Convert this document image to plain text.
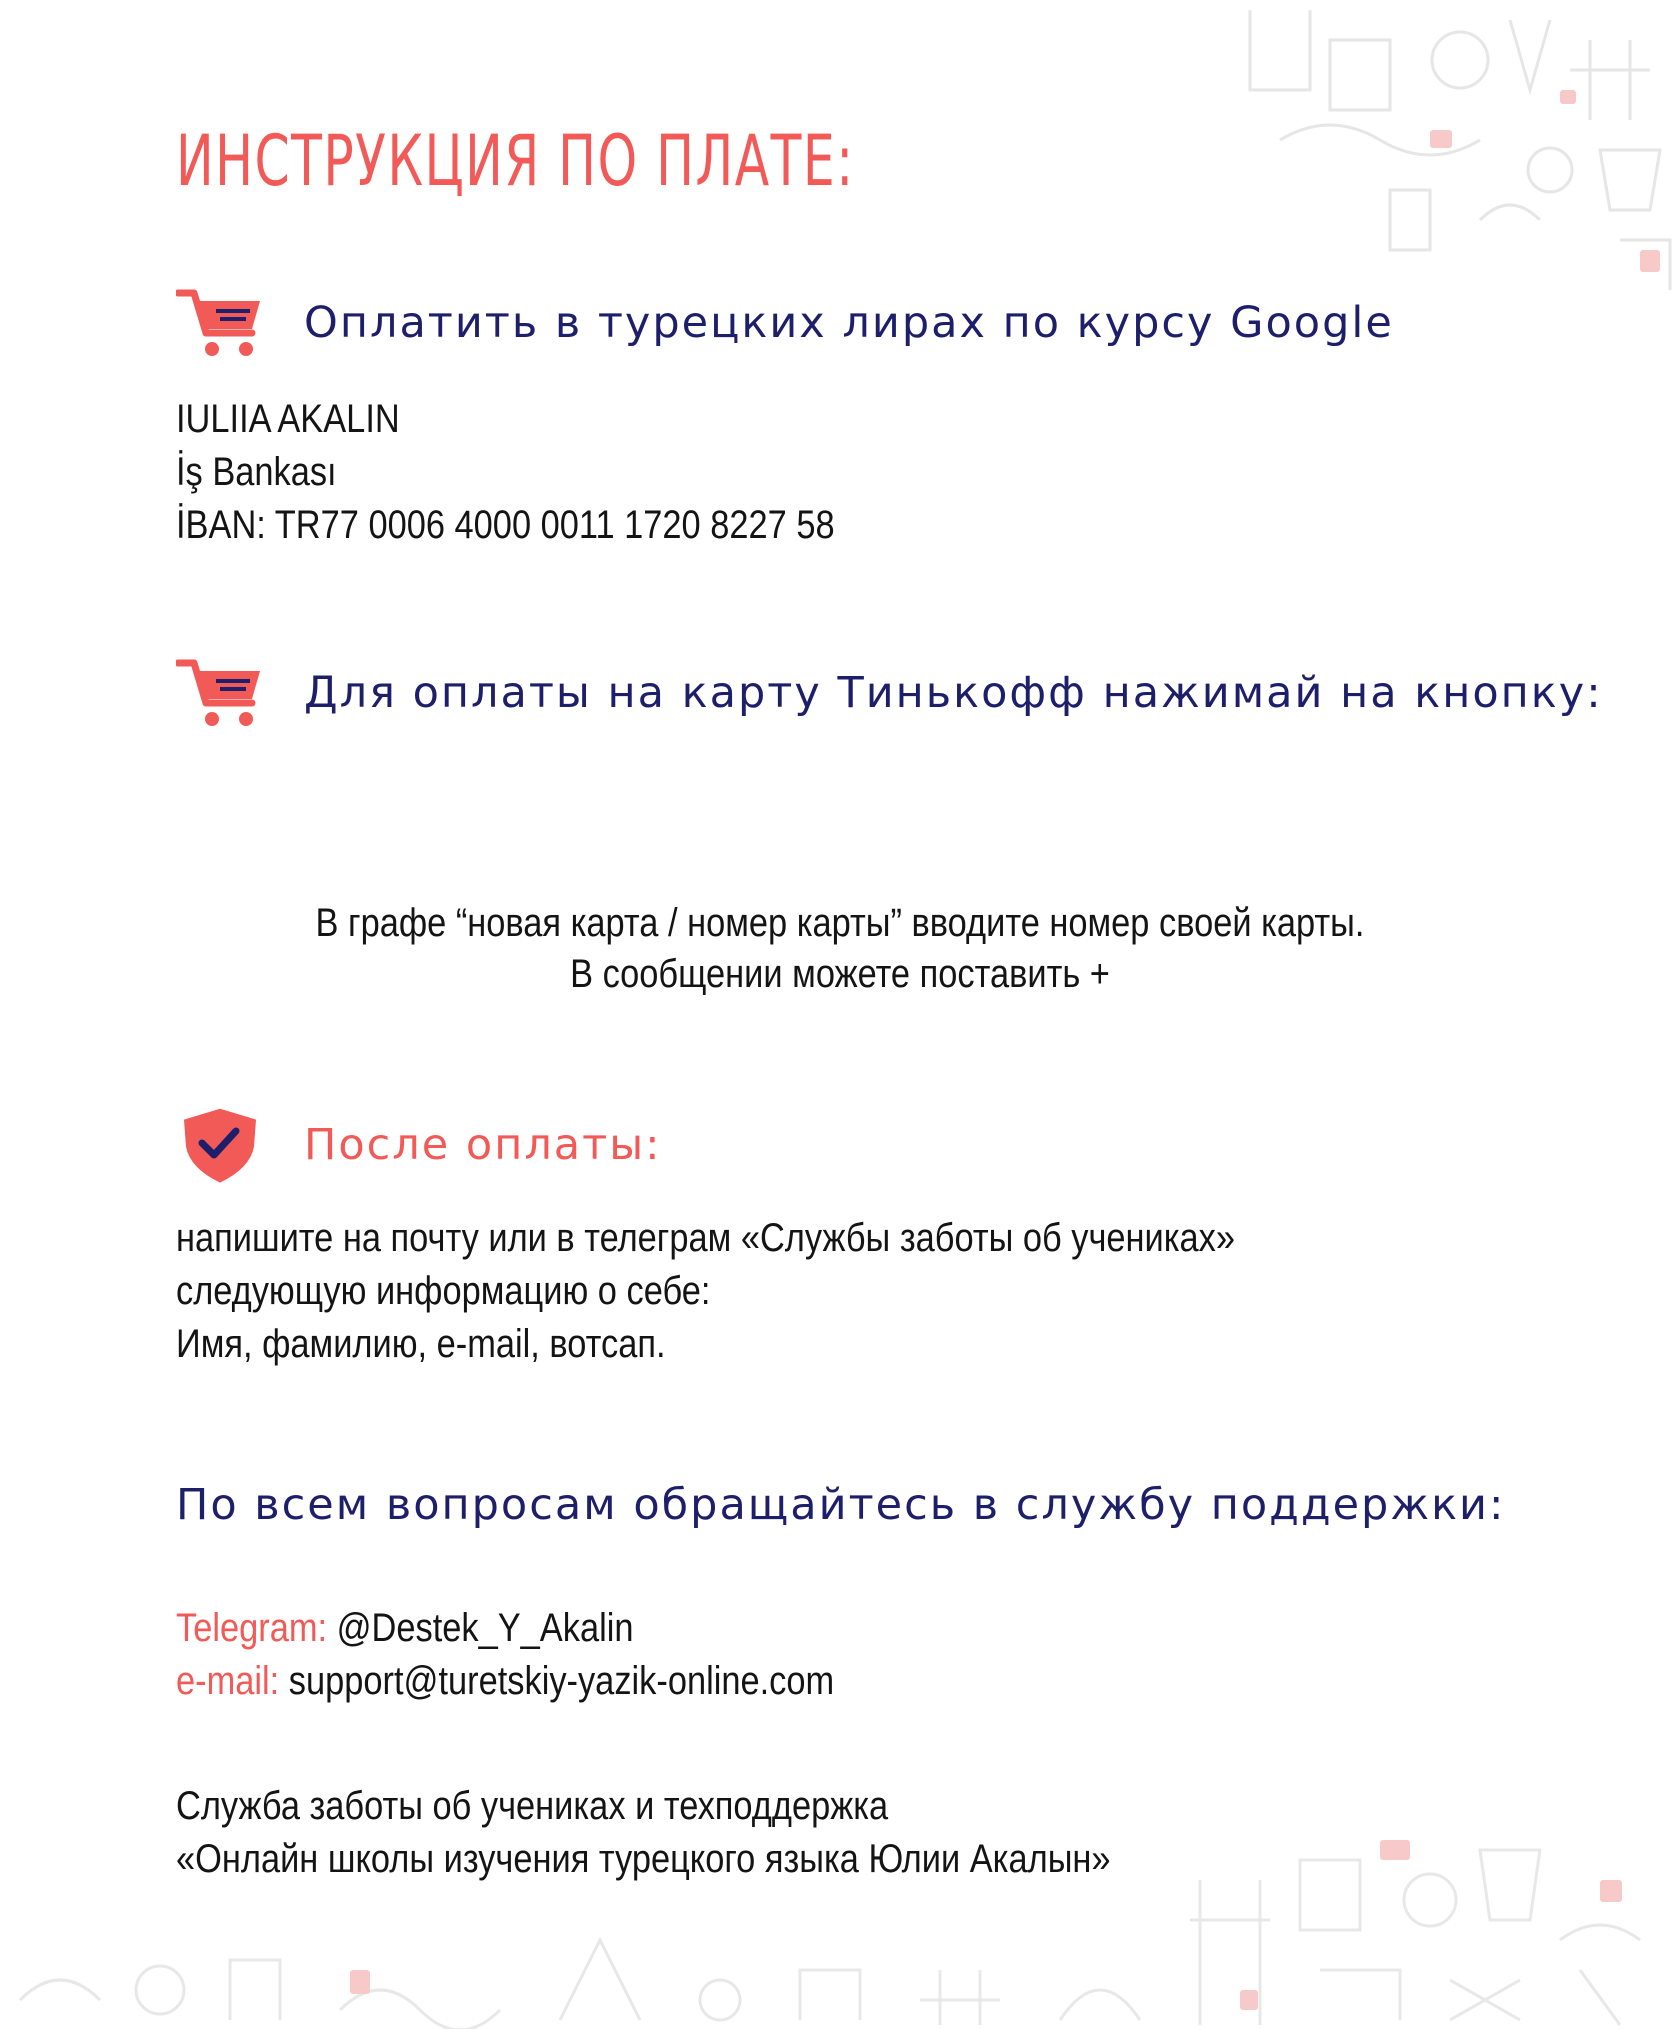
ИНСТРУКЦИЯ ПО ПЛАТЕ:
Оплатить в турецких лирах по курсу Google
IULIIA AKALIN
İş Bankası
İBAN: TR77 0006 4000 0011 1720 8227 58
Для оплаты на карту Тинькофф нажимай на кнопку:
В графе “новая карта / номер карты” вводите номер своей карты.
В сообщении можете поставить +
После оплаты:
напишите на почту или в телеграм «Службы заботы об учениках»
следующую информацию о себе:
Имя, фамилию, e-mail, вотсап.
По всем вопросам обращайтесь в службу поддержки:
Telegram: @Destek_Y_Akalin
e-mail: support@turetskiy-yazik-online.com
Служба заботы об учениках и техподдержка
«Онлайн школы изучения турецкого языка Юлии Акалын»
